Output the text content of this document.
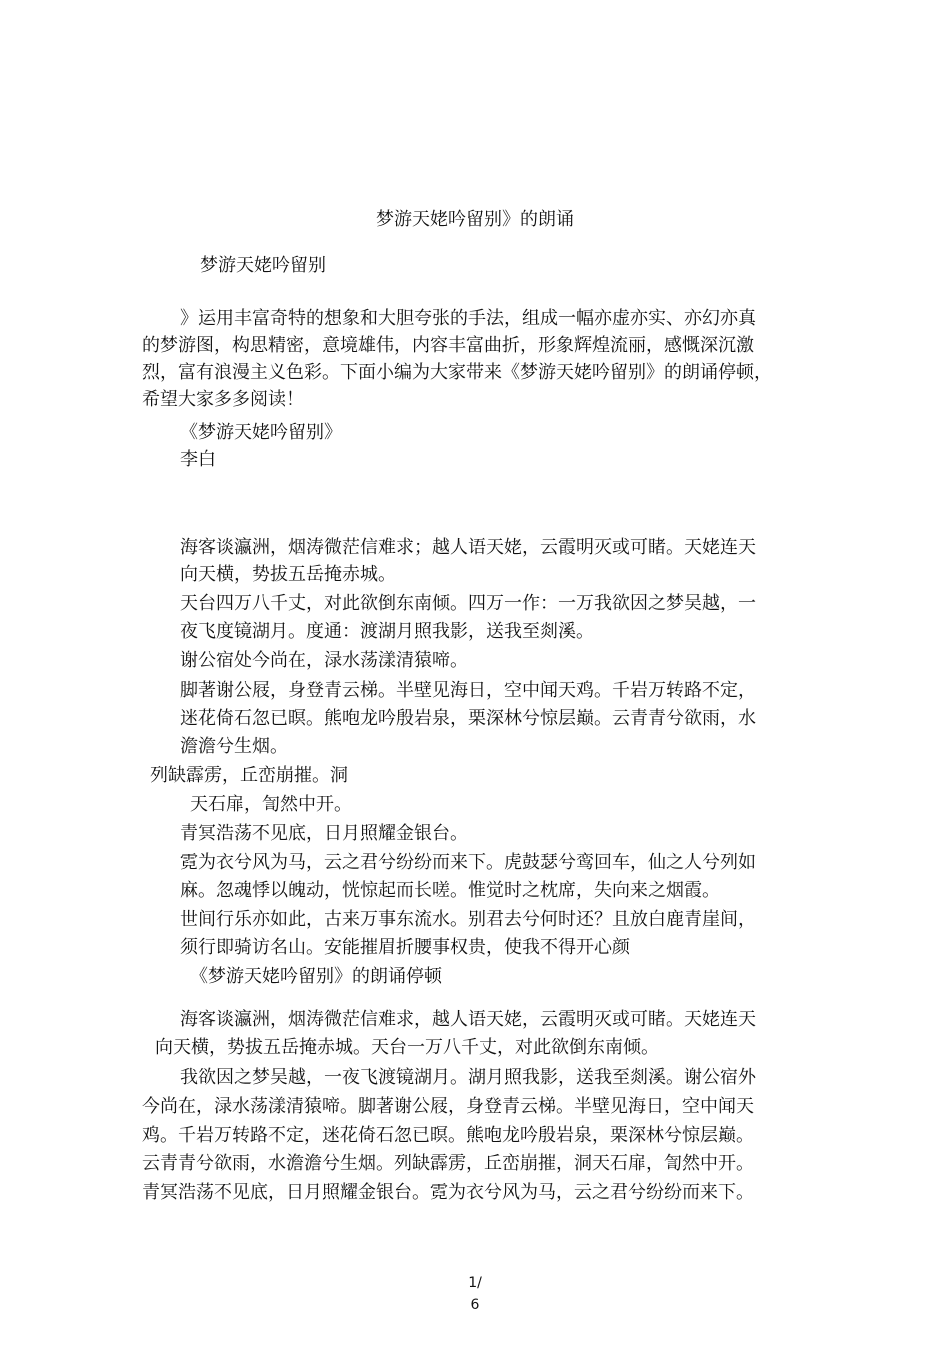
梦游天姥吟留别》的朗诵
梦游天姥吟留别
》运用丰富奇特的想象和大胆夸张的手法，组成一幅亦虚亦实、亦幻亦真
的梦游图，构思精密，意境雄伟，内容丰富曲折，形象辉煌流丽，感慨深沉激
烈，富有浪漫主义色彩。下面小编为大家带来《梦游天姥吟留别》的朗诵停顿，
希望大家多多阅读！
《梦游天姥吟留别》
李白
海客谈瀛洲，烟涛微茫信难求；越人语天姥，云霞明灭或可睹。天姥连天
向天横，势拔五岳掩赤城。
天台四万八千丈，对此欲倒东南倾。四万一作：一万我欲因之梦吴越，一
夜飞度镜湖月。度通：渡湖月照我影，送我至剡溪。
谢公宿处今尚在，渌水荡漾清猿啼。
脚著谢公屐，身登青云梯。半壁见海日，空中闻天鸡。千岩万转路不定，
迷花倚石忽已暝。熊咆龙吟殷岩泉，栗深林兮惊层巅。云青青兮欲雨，水
澹澹兮生烟。
列缺霹雳，丘峦崩摧。洞
天石扉，訇然中开。
青冥浩荡不见底，日月照耀金银台。
霓为衣兮风为马，云之君兮纷纷而来下。虎鼓瑟兮鸾回车，仙之人兮列如
麻。忽魂悸以魄动，恍惊起而长嗟。惟觉时之枕席，失向来之烟霞。
世间行乐亦如此，古来万事东流水。别君去兮何时还？且放白鹿青崖间，
须行即骑访名山。安能摧眉折腰事权贵，使我不得开心颜
《梦游天姥吟留别》的朗诵停顿
海客谈瀛洲，烟涛微茫信难求，越人语天姥，云霞明灭或可睹。天姥连天
向天横，势拔五岳掩赤城。天台一万八千丈，对此欲倒东南倾。
我欲因之梦吴越，一夜飞渡镜湖月。湖月照我影，送我至剡溪。谢公宿外
今尚在，渌水荡漾清猿啼。脚著谢公屐，身登青云梯。半壁见海日，空中闻天
鸡。千岩万转路不定，迷花倚石忽已暝。熊咆龙吟殷岩泉，栗深林兮惊层巅。
云青青兮欲雨，水澹澹兮生烟。列缺霹雳，丘峦崩摧，洞天石扉，訇然中开。
青冥浩荡不见底，日月照耀金银台。霓为衣兮风为马，云之君兮纷纷而来下。
1/
6
